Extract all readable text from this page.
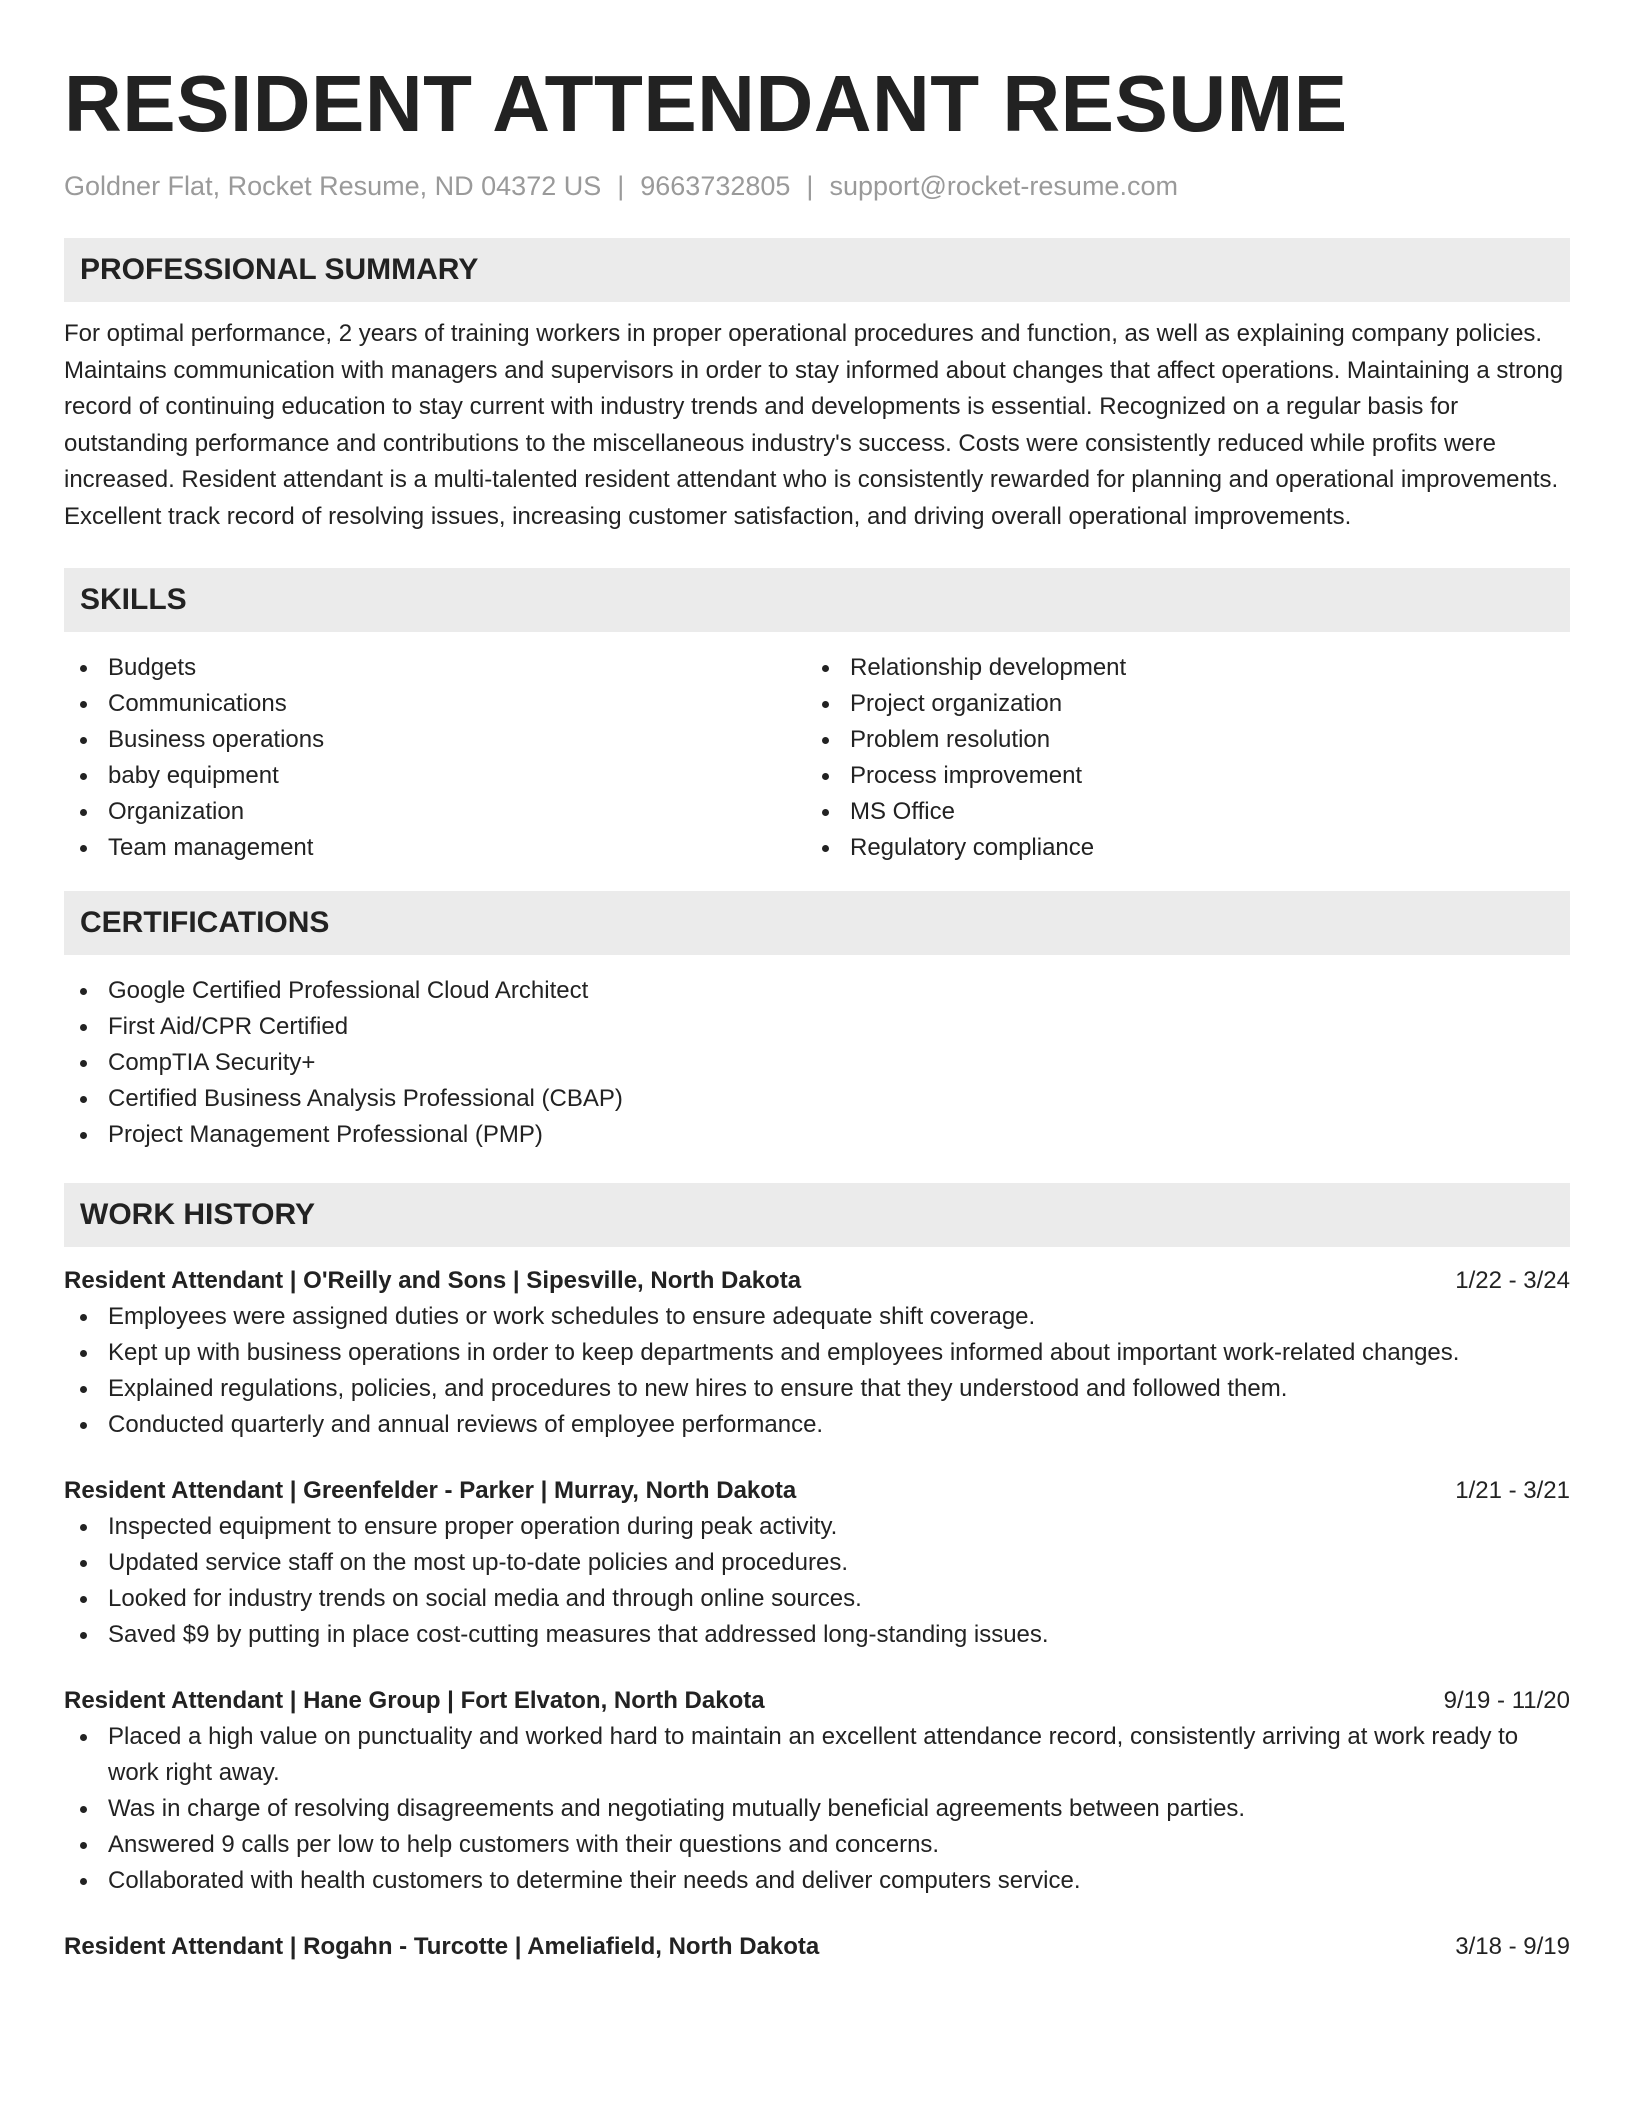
RESIDENT ATTENDANT RESUME
Goldner Flat, Rocket Resume, ND 04372 US | 9663732805 | support@rocket-resume.com
PROFESSIONAL SUMMARY

For optimal performance, 2 years of training workers in proper operational procedures and function, as well as explaining company policies. Maintains communication with managers and supervisors in order to stay informed about changes that affect operations. Maintaining a strong record of continuing education to stay current with industry trends and developments is essential. Recognized on a regular basis for outstanding performance and contributions to the miscellaneous industry's success. Costs were consistently reduced while profits were increased. Resident attendant is a multi-talented resident attendant who is consistently rewarded for planning and operational improvements. Excellent track record of resolving issues, increasing customer satisfaction, and driving overall operational improvements.

SKILLS
Budgets
Communications
Business operations
baby equipment
Organization
Team management
Relationship development
Project organization
Problem resolution
Process improvement
MS Office
Regulatory compliance
CERTIFICATIONS
Google Certified Professional Cloud Architect
First Aid/CPR Certified
CompTIA Security+
Certified Business Analysis Professional (CBAP)
Project Management Professional (PMP)
WORK HISTORY
Resident Attendant | O'Reilly and Sons | Sipesville, North Dakota	1/22 - 3/24
Employees were assigned duties or work schedules to ensure adequate shift coverage.
Kept up with business operations in order to keep departments and employees informed about important work-related changes.
Explained regulations, policies, and procedures to new hires to ensure that they understood and followed them.
Conducted quarterly and annual reviews of employee performance.
Resident Attendant | Greenfelder - Parker | Murray, North Dakota	1/21 - 3/21
Inspected equipment to ensure proper operation during peak activity.
Updated service staff on the most up-to-date policies and procedures.
Looked for industry trends on social media and through online sources.
Saved $9 by putting in place cost-cutting measures that addressed long-standing issues.
Resident Attendant | Hane Group | Fort Elvaton, North Dakota	9/19 - 11/20
Placed a high value on punctuality and worked hard to maintain an excellent attendance record, consistently arriving at work ready to work right away.
Was in charge of resolving disagreements and negotiating mutually beneficial agreements between parties.
Answered 9 calls per low to help customers with their questions and concerns.
Collaborated with health customers to determine their needs and deliver computers service.
Resident Attendant | Rogahn - Turcotte | Ameliafield, North Dakota	3/18 - 9/19
